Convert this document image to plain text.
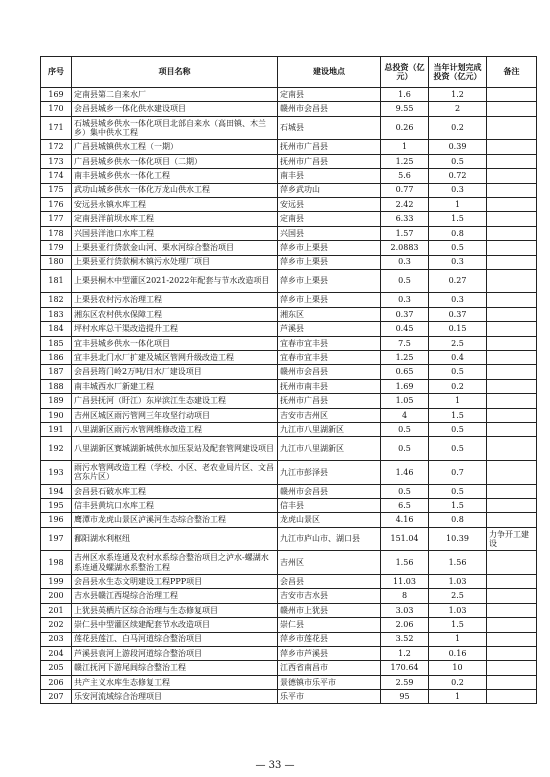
序号	项目名称	建设地点	总投资（亿元）	当年计划完成投资（亿元）	备注
169	定南县第二自来水厂	定南县	1.6	1.2	
170	会昌县城乡一体化供水建设项目	赣州市会昌县	9.55	2	
171	石城县城乡供水一体化项目北部自来水（高田镇、木兰乡）集中供水工程	石城县	0.26	0.2	
172	广昌县城镇供水工程（一期）	抚州市广昌县	1	0.39	
173	广昌县城乡供水一体化项目（二期）	抚州市广昌县	1.25	0.5	
174	南丰县城乡供水一体化工程	南丰县	5.6	0.72	
175	武功山城乡供水一体化万龙山供水工程	萍乡武功山	0.77	0.3	
176	安远县永镇水库工程	安远县	2.42	1	
177	定南县洋前坝水库工程	定南县	6.33	1.5	
178	兴国县洋池口水库工程	兴国县	1.57	0.8	
179	上栗县亚行贷款金山河、栗水河综合整治项目	萍乡市上栗县	2.0883	0.5	
180	上栗县亚行贷款桐木镇污水处理厂项目	萍乡市上栗县	0.3	0.3	
181	上栗县桐木中型灌区2021-2022年配套与节水改造项目	萍乡市上栗县	0.5	0.27	
182	上栗县农村污水治理工程	萍乡市上栗县	0.3	0.3	
183	湘东区农村供水保障工程	湘东区	0.37	0.37	
184	坪村水库总干渠改造提升工程	芦溪县	0.45	0.15	
185	宜丰县城乡供水一体化项目	宜春市宜丰县	7.5	2.5	
186	宜丰县北门水厂扩建及城区管网升级改造工程	宜春市宜丰县	1.25	0.4	
187	会昌县筠门岭2万吨/日水厂建设项目	赣州市会昌县	0.65	0.5	
188	南丰城西水厂新建工程	抚州市南丰县	1.69	0.2	
189	广昌县抚河（盱江）东岸滨江生态建设工程	抚州市广昌县	1.05	1	
190	吉州区城区雨污管网三年攻坚行动项目	吉安市吉州区	4	1.5	
191	八里湖新区雨污水管网维修改造工程	九江市八里湖新区	0.5	0.5	
192	八里湖新区赛城湖新城供水加压泵站及配套管网建设项目	九江市八里湖新区	0.5	0.5	
193	雨污水管网改造工程（学校、小区、老农业局片区、文昌宫东片区）	九江市彭泽县	1.46	0.7	
194	会昌县石破水库工程	赣州市会昌县	0.5	0.5	
195	信丰县黄坑口水库工程	信丰县	6.5	1.5	
196	鹰潭市龙虎山景区泸溪河生态综合整治工程	龙虎山景区	4.16	0.8	
197	鄱阳湖水利枢纽	九江市庐山市、湖口县	151.04	10.39	力争开工建设
198	吉州区水系连通及农村水系综合整治项目之泸水-螺湖水系连通及螺湖水系整治工程	吉州区	1.56	1.56	
199	会昌县水生态文明建设工程PPP项目	会昌县	11.03	1.03	
200	吉水县赣江西堤综合治理工程	吉安市吉水县	8	2.5	
201	上犹县英栖片区综合治理与生态修复项目	赣州市上犹县	3.03	1.03	
202	崇仁县中型灌区续建配套节水改造项目	崇仁县	2.06	1.5	
203	莲花县莲江、白马河道综合整治项目	萍乡市莲花县	3.52	1	
204	芦溪县袁河上游段河道综合整治项目	萍乡市芦溪县	1.2	0.16	
205	赣江抚河下游尾闾综合整治工程	江西省南昌市	170.64	10	
206	共产主义水库生态修复工程	景德镇市乐平市	2.59	0.2	
207	乐安河流域综合治理项目	乐平市	95	1	
— 33 —
